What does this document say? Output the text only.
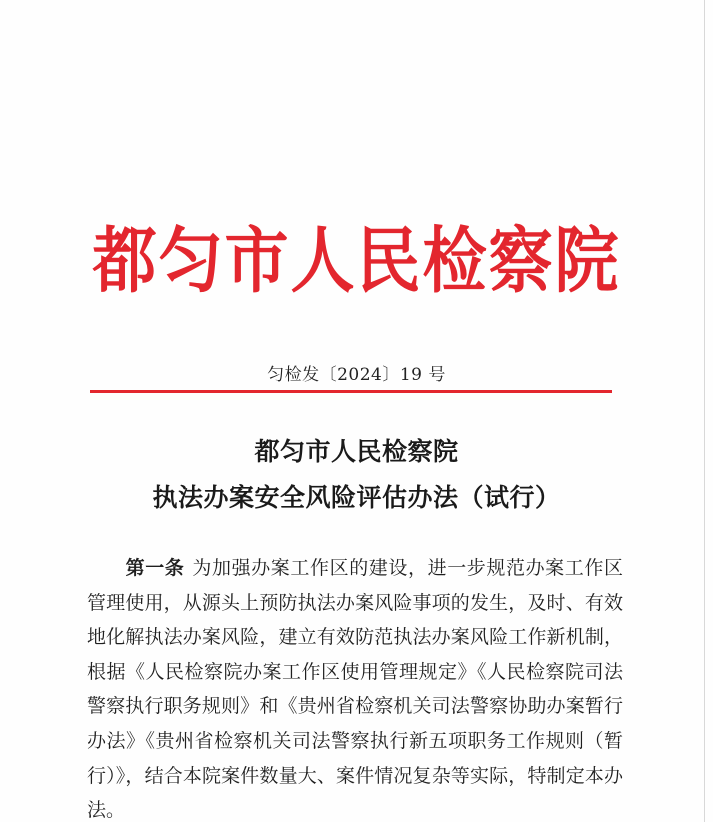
都匀市人民检察院
匀检发〔2024〕19 号
都匀市人民检察院
执法办案安全风险评估办法（试行）
第一条 为加强办案工作区的建设，进一步规范办案工作区管理使用，从源头上预防执法办案风险事项的发生，及时、有效地化解执法办案风险，建立有效防范执法办案风险工作新机制，根据《人民检察院办案工作区使用管理规定》《人民检察院司法警察执行职务规则》和《贵州省检察机关司法警察协助办案暂行办法》《贵州省检察机关司法警察执行新五项职务工作规则（暂行）》，结合本院案件数量大、案件情况复杂等实际，特制定本办法。
